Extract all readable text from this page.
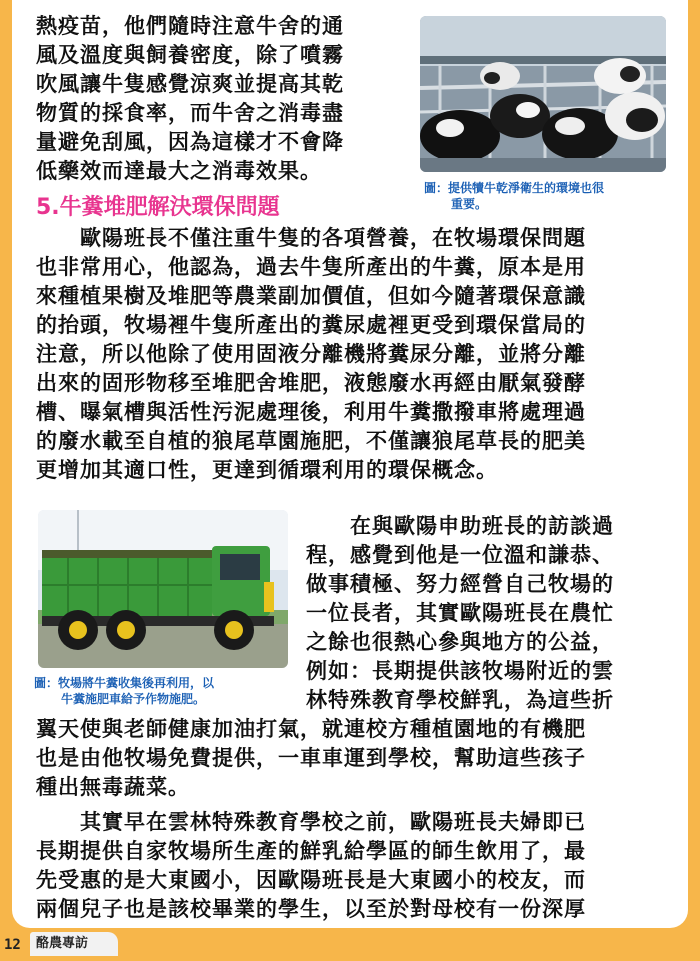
熱疫苗，他們隨時注意牛舍的通
風及溫度與飼養密度，除了噴霧
吹風讓牛隻感覺涼爽並提高其乾
物質的採食率，而牛舍之消毒盡
量避免刮風，因為這樣才不會降
低藥效而達最大之消毒效果。
圖：提供犢牛乾淨衛生的環境也很
重要。
5.牛糞堆肥解決環保問題
　　歐陽班長不僅注重牛隻的各項營養，在牧場環保問題
也非常用心，他認為，過去牛隻所產出的牛糞，原本是用
來種植果樹及堆肥等農業副加價值，但如今隨著環保意識
的抬頭，牧場裡牛隻所產出的糞尿處裡更受到環保當局的
注意，所以他除了使用固液分離機將糞尿分離，並將分離
出來的固形物移至堆肥舍堆肥，液態廢水再經由厭氣發酵
槽、曝氣槽與活性污泥處理後，利用牛糞撒撥車將處理過
的廢水載至自植的狼尾草園施肥，不僅讓狼尾草長的肥美
更增加其適口性，更達到循環利用的環保概念。
圖：牧場將牛糞收集後再利用，以
牛糞施肥車給予作物施肥。
　　在與歐陽申助班長的訪談過
程，感覺到他是一位溫和謙恭、
做事積極、努力經營自己牧場的
一位長者，其實歐陽班長在農忙
之餘也很熱心參與地方的公益，
例如：長期提供該牧場附近的雲
林特殊教育學校鮮乳，為這些折
翼天使與老師健康加油打氣，就連校方種植園地的有機肥
也是由他牧場免費提供，一車車運到學校，幫助這些孩子
種出無毒蔬菜。
　　其實早在雲林特殊教育學校之前，歐陽班長夫婦即已
長期提供自家牧場所生產的鮮乳給學區的師生飲用了，最
先受惠的是大東國小，因歐陽班長是大東國小的校友，而
兩個兒子也是該校畢業的學生，以至於對母校有一份深厚
12	酪農專訪
